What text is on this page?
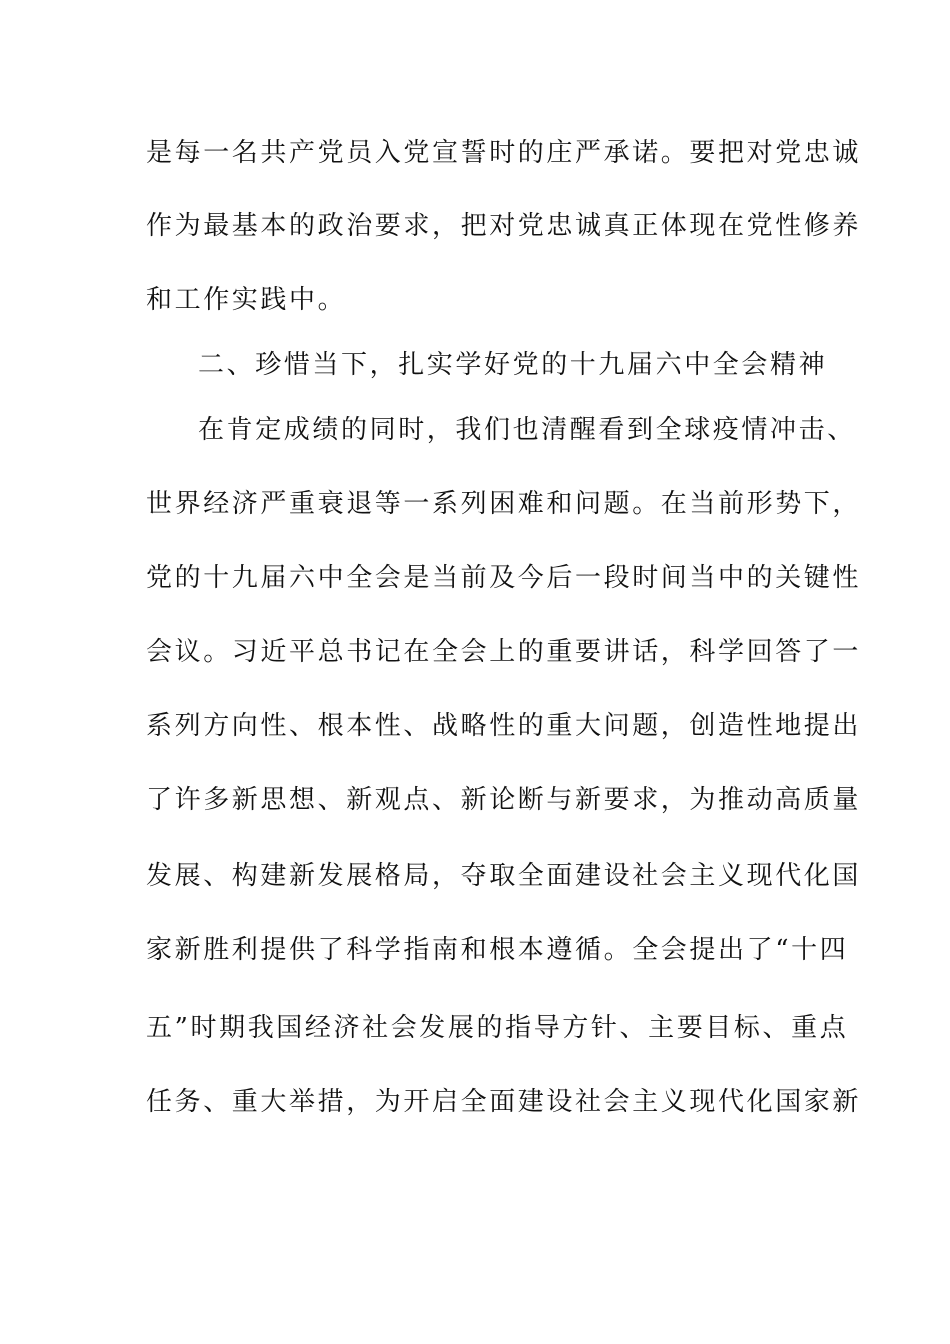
是每一名共产党员入党宣誓时的庄严承诺。要把对党忠诚
作为最基本的政治要求，把对党忠诚真正体现在党性修养
和工作实践中。
二、珍惜当下，扎实学好党的十九届六中全会精神
在肯定成绩的同时，我们也清醒看到全球疫情冲击、
世界经济严重衰退等一系列困难和问题。在当前形势下，
党的十九届六中全会是当前及今后一段时间当中的关键性
会议。习近平总书记在全会上的重要讲话，科学回答了一
系列方向性、根本性、战略性的重大问题，创造性地提出
了许多新思想、新观点、新论断与新要求，为推动高质量
发展、构建新发展格局，夺取全面建设社会主义现代化国
家新胜利提供了科学指南和根本遵循。全会提出了“十四
五”时期我国经济社会发展的指导方针、主要目标、重点
任务、重大举措，为开启全面建设社会主义现代化国家新
